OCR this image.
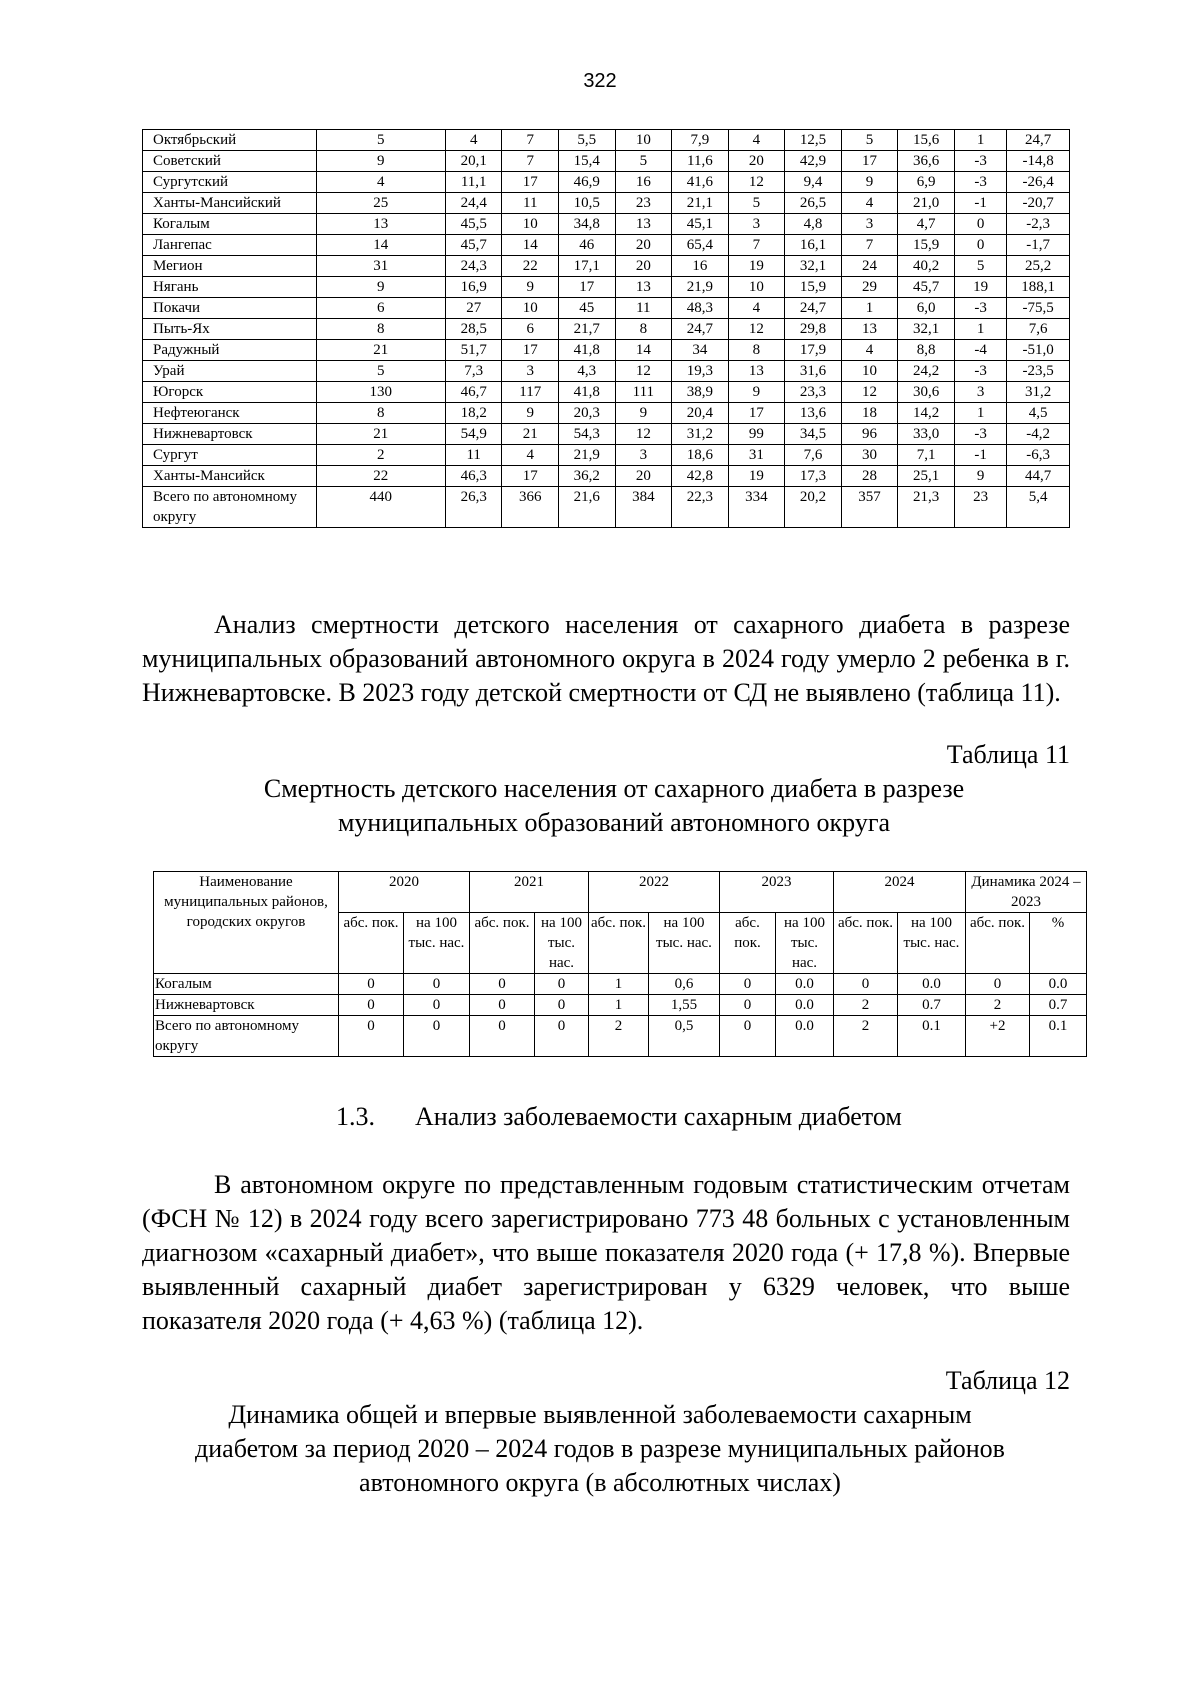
322
Октябрьский	5	4	7	5,5	10	7,9	4	12,5	5	15,6	1	24,7
Советский	9	20,1	7	15,4	5	11,6	20	42,9	17	36,6	-3	-14,8
Сургутский	4	11,1	17	46,9	16	41,6	12	9,4	9	6,9	-3	-26,4
Ханты-Мансийский	25	24,4	11	10,5	23	21,1	5	26,5	4	21,0	-1	-20,7
Когалым	13	45,5	10	34,8	13	45,1	3	4,8	3	4,7	0	-2,3
Лангепас	14	45,7	14	46	20	65,4	7	16,1	7	15,9	0	-1,7
Мегион	31	24,3	22	17,1	20	16	19	32,1	24	40,2	5	25,2
Нягань	9	16,9	9	17	13	21,9	10	15,9	29	45,7	19	188,1
Покачи	6	27	10	45	11	48,3	4	24,7	1	6,0	-3	-75,5
Пыть-Ях	8	28,5	6	21,7	8	24,7	12	29,8	13	32,1	1	7,6
Радужный	21	51,7	17	41,8	14	34	8	17,9	4	8,8	-4	-51,0
Урай	5	7,3	3	4,3	12	19,3	13	31,6	10	24,2	-3	-23,5
Югорск	130	46,7	117	41,8	111	38,9	9	23,3	12	30,6	3	31,2
Нефтеюганск	8	18,2	9	20,3	9	20,4	17	13,6	18	14,2	1	4,5
Нижневартовск	21	54,9	21	54,3	12	31,2	99	34,5	96	33,0	-3	-4,2
Сургут	2	11	4	21,9	3	18,6	31	7,6	30	7,1	-1	-6,3
Ханты-Мансийск	22	46,3	17	36,2	20	42,8	19	17,3	28	25,1	9	44,7
Всего по автономному округу	440	26,3	366	21,6	384	22,3	334	20,2	357	21,3	23	5,4
Анализ смертности детского населения от сахарного диабета в разрезе муниципальных образований автономного округа в 2024 году умерло 2 ребенка в г. Нижневартовске. В 2023 году детской смертности от СД не выявлено (таблица 11).
Таблица 11
Смертность детского населения от сахарного диабета в разрезе
муниципальных образований автономного округа
Наименование муниципальных районов, городских округов	2020		2021		2022		2023		2024		Динамика 2024 – 2023	
	абс. пок.	на 100 тыс. нас.	абс. пок.	на 100 тыс. нас.	абс. пок.	на 100 тыс. нас.	абс. пок.	на 100 тыс. нас.	абс. пок.	на 100 тыс. нас.	абс. пок.	%
Когалым	0	0	0	0	1	0,6	0	0.0	0	0.0	0	0.0
Нижневартовск	0	0	0	0	1	1,55	0	0.0	2	0.7	2	0.7
Всего по автономному округу	0	0	0	0	2	0,5	0	0.0	2	0.1	+2	0.1
1.3. Анализ заболеваемости сахарным диабетом
В автономном округе по представленным годовым статистическим отчетам (ФСН № 12) в 2024 году всего зарегистрировано 773 48 больных с установленным диагнозом «сахарный диабет», что выше показателя 2020 года (+ 17,8 %). Впервые выявленный сахарный диабет зарегистрирован у 6329 человек, что выше показателя 2020 года (+ 4,63 %) (таблица 12).
Таблица 12
Динамика общей и впервые выявленной заболеваемости сахарным
диабетом за период 2020 – 2024 годов в разрезе муниципальных районов
автономного округа (в абсолютных числах)
